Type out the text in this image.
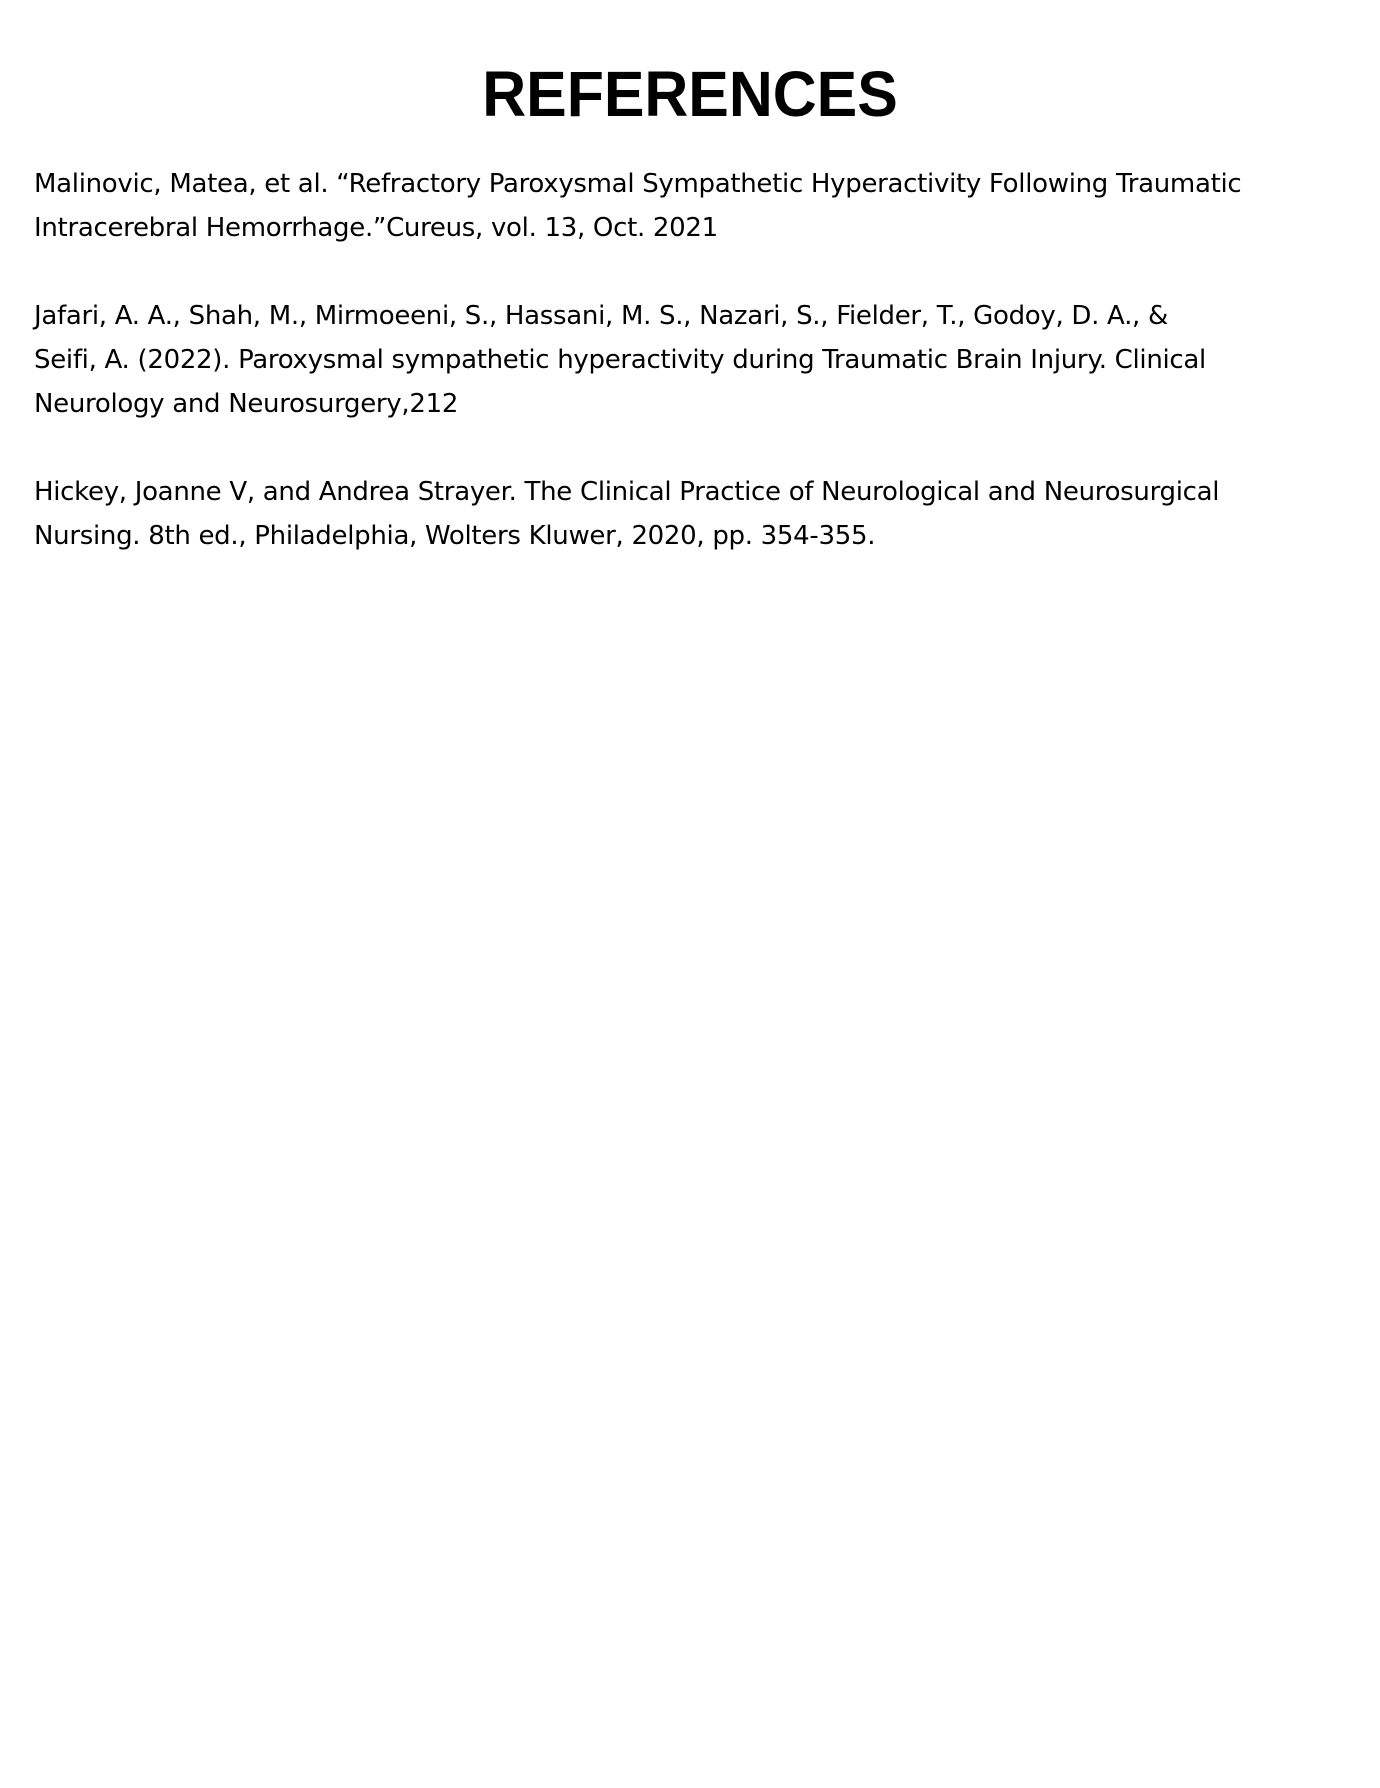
REFERENCES

Malinovic, Matea, et al. “Refractory Paroxysmal Sympathetic Hyperactivity Following Traumatic
Intracerebral Hemorrhage.”Cureus, vol. 13, Oct. 2021

Jafari, A. A., Shah, M., Mirmoeeni, S., Hassani, M. S., Nazari, S., Fielder, T., Godoy, D. A., &
Seifi, A. (2022). Paroxysmal sympathetic hyperactivity during Traumatic Brain Injury. Clinical
Neurology and Neurosurgery,212

Hickey, Joanne V, and Andrea Strayer. The Clinical Practice of Neurological and Neurosurgical
Nursing. 8th ed., Philadelphia, Wolters Kluwer, 2020, pp. 354-355.
